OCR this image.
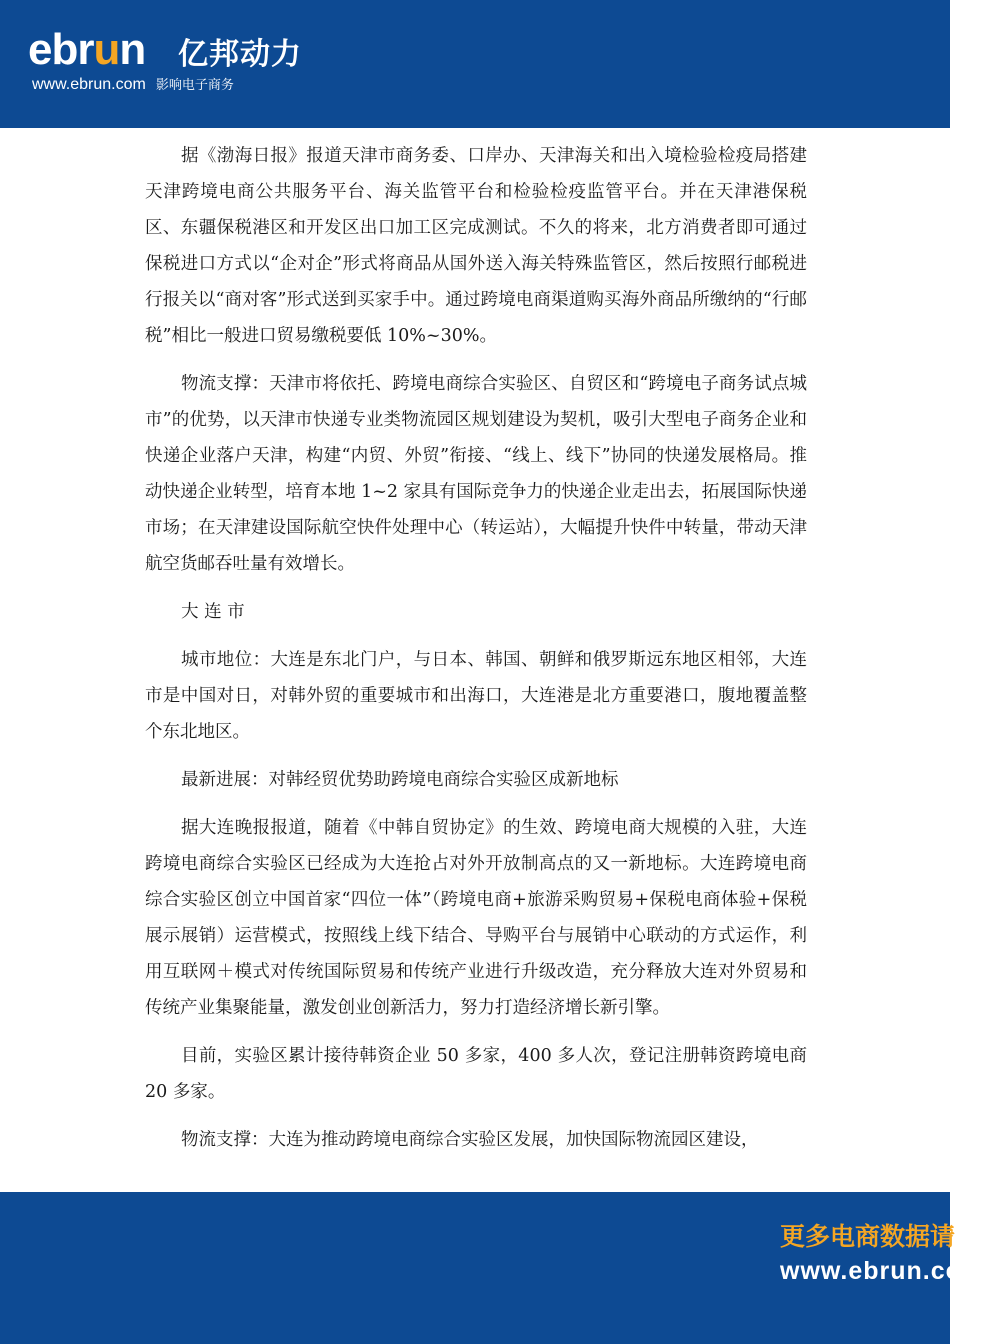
ebrun 亿邦动力
www.ebrun.com 影响电子商务

据《渤海日报》报道天津市商务委、口岸办、天津海关和出入境检验检疫局搭建天津跨境电商公共服务平台、海关监管平台和检验检疫监管平台。并在天津港保税区、东疆保税港区和开发区出口加工区完成测试。不久的将来，北方消费者即可通过保税进口方式以“企对企”形式将商品从国外送入海关特殊监管区，然后按照行邮税进行报关以“商对客”形式送到买家手中。通过跨境电商渠道购买海外商品所缴纳的“行邮税”相比一般进口贸易缴税要低 10%~30%。

物流支撑：天津市将依托、跨境电商综合实验区、自贸区和“跨境电子商务试点城市”的优势，以天津市快递专业类物流园区规划建设为契机，吸引大型电子商务企业和快递企业落户天津，构建“内贸、外贸”衔接、“线上、线下”协同的快递发展格局。推动快递企业转型，培育本地 1~2 家具有国际竞争力的快递企业走出去，拓展国际快递市场；在天津建设国际航空快件处理中心（转运站），大幅提升快件中转量，带动天津航空货邮吞吐量有效增长。

大 连 市

城市地位：大连是东北门户，与日本、韩国、朝鲜和俄罗斯远东地区相邻，大连市是中国对日，对韩外贸的重要城市和出海口，大连港是北方重要港口，腹地覆盖整个东北地区。

最新进展：对韩经贸优势助跨境电商综合实验区成新地标

据大连晚报报道，随着《中韩自贸协定》的生效、跨境电商大规模的入驻，大连跨境电商综合实验区已经成为大连抢占对外开放制高点的又一新地标。大连跨境电商综合实验区创立中国首家“四位一体”（跨境电商+旅游采购贸易+保税电商体验+保税展示展销）运营模式，按照线上线下结合、导购平台与展销中心联动的方式运作，利用互联网＋模式对传统国际贸易和传统产业进行升级改造，充分释放大连对外贸易和传统产业集聚能量，激发创业创新活力，努力打造经济增长新引擎。

目前，实验区累计接待韩资企业 50 多家，400 多人次，登记注册韩资跨境电商 20 多家。

物流支撑：大连为推动跨境电商综合实验区发展，加快国际物流园区建设，

更多电商数据请
www.ebrun.com
